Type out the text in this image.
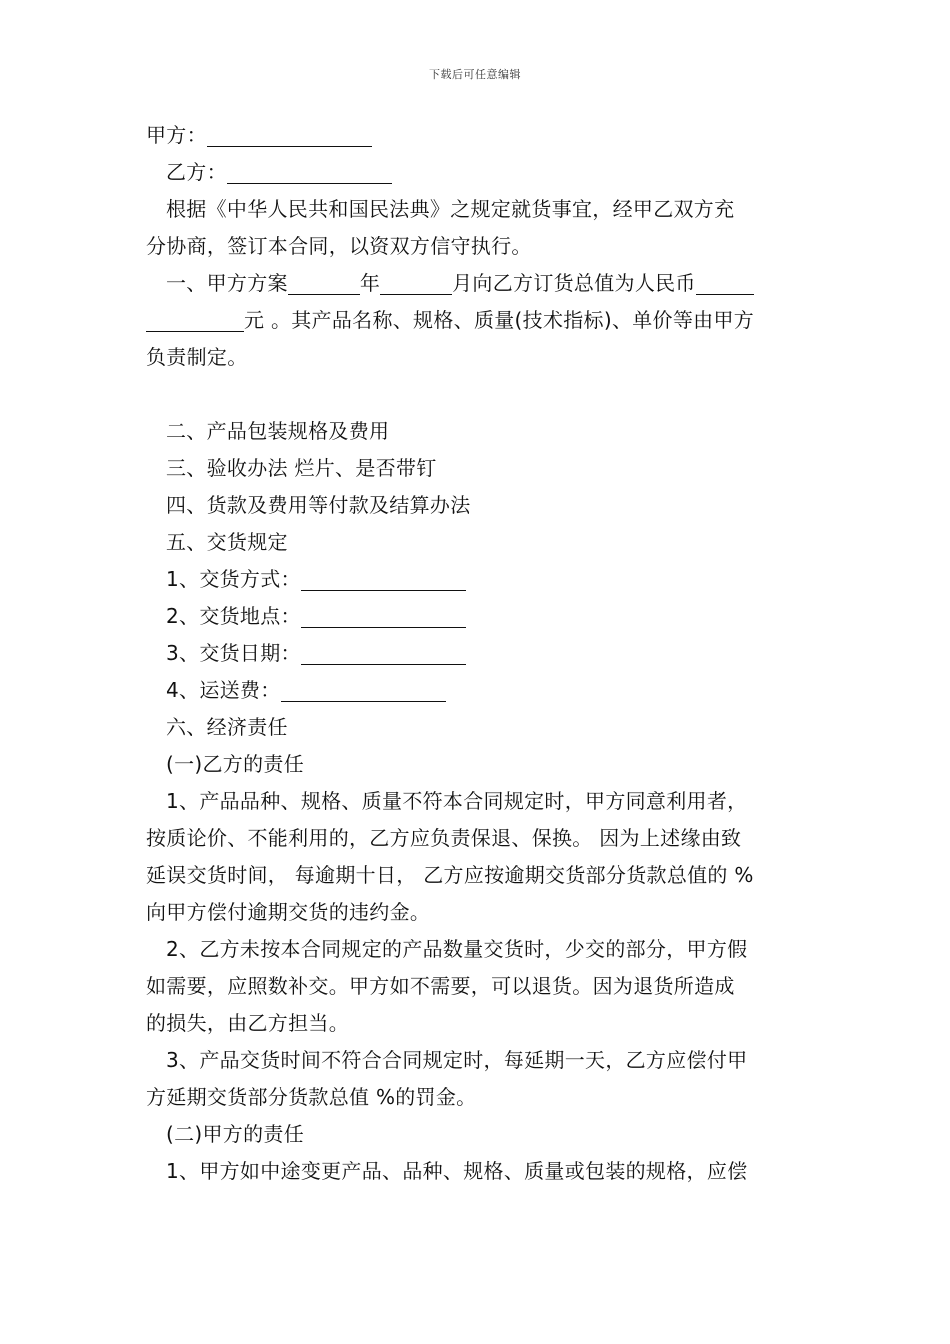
下载后可任意编辑
甲方：
乙方：
根据《中华人民共和国民法典》之规定就货事宜，经甲乙双方充
分协商，签订本合同，以资双方信守执行。
一、甲方方案	年	月向乙方订货总值为人民币
元 。其产品名称、规格、质量(技术指标)、单价等由甲方
负责制定。
二、产品包装规格及费用
三、验收办法 烂片、是否带钉
四、货款及费用等付款及结算办法
五、交货规定
1、交货方式：
2、交货地点：
3、交货日期：
4、运送费：
六、经济责任
(一)乙方的责任
1、产品品种、规格、质量不符本合同规定时，甲方同意利用者，
按质论价、不能利用的，乙方应负责保退、保换。 因为上述缘由致
延误交货时间， 每逾期十日， 乙方应按逾期交货部分货款总值的 %
向甲方偿付逾期交货的违约金。
2、乙方未按本合同规定的产品数量交货时，少交的部分，甲方假
如需要，应照数补交。甲方如不需要，可以退货。因为退货所造成
的损失，由乙方担当。
3、产品交货时间不符合合同规定时，每延期一天，乙方应偿付甲
方延期交货部分货款总值 %的罚金。
(二)甲方的责任
1、甲方如中途变更产品、品种、规格、质量或包装的规格，应偿
